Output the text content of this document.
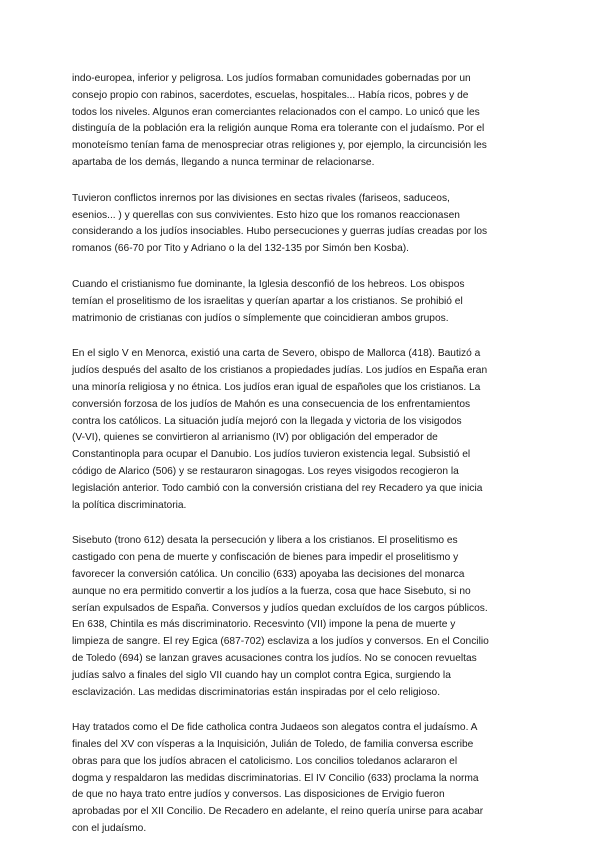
indo-europea, inferior y peligrosa. Los judíos formaban comunidades gobernadas por un
consejo propio con rabinos, sacerdotes, escuelas, hospitales... Había ricos, pobres y de
todos los niveles. Algunos eran comerciantes relacionados con el campo. Lo unicó que les
distinguía de la población era la religión aunque Roma era tolerante con el judaísmo. Por el
monoteísmo tenían fama de menospreciar otras religiones y, por ejemplo, la circuncisión les
apartaba de los demás, llegando a nunca terminar de relacionarse.

Tuvieron conflictos inrernos por las divisiones en sectas rivales (fariseos, saduceos,
esenios... ) y querellas con sus convivientes. Esto hizo que los romanos reaccionasen
considerando a los judíos insociables. Hubo persecuciones y guerras judías creadas por los
romanos (66-70 por Tito y Adriano o la del 132-135 por Simón ben Kosba).

Cuando el cristianismo fue dominante, la Iglesia desconfió de los hebreos. Los obispos
temían el proselitismo de los israelitas y querían apartar a los cristianos. Se prohibió el
matrimonio de cristianas con judíos o símplemente que coincidieran ambos grupos.

En el siglo V en Menorca, existió una carta de Severo, obispo de Mallorca (418). Bautizó a
judíos después del asalto de los cristianos a propiedades judías. Los judíos en España eran
una minoría religiosa y no étnica. Los judíos eran igual de españoles que los cristianos. La
conversión forzosa de los judíos de Mahón es una consecuencia de los enfrentamientos
contra los católicos. La situación judía mejoró con la llegada y victoria de los visigodos
(V-VI), quienes se convirtieron al arrianismo (IV) por obligación del emperador de
Constantinopla para ocupar el Danubio. Los judíos tuvieron existencia legal. Subsistió el
código de Alarico (506) y se restauraron sinagogas. Los reyes visigodos recogieron la
legislación anterior. Todo cambió con la conversión cristiana del rey Recadero ya que inicia
la política discriminatoria.

Sisebuto (trono 612) desata la persecución y libera a los cristianos. El proselitismo es
castigado con pena de muerte y confiscación de bienes para impedir el proselitismo y
favorecer la conversión católica. Un concilio (633) apoyaba las decisiones del monarca
aunque no era permitido convertir a los judíos a la fuerza, cosa que hace Sisebuto, si no
serían expulsados de España. Conversos y judíos quedan excluídos de los cargos públicos.
En 638, Chintila es más discriminatorio. Recesvinto (VII) impone la pena de muerte y
limpieza de sangre. El rey Egica (687-702) esclaviza a los judíos y conversos. En el Concilio
de Toledo (694) se lanzan graves acusaciones contra los judíos. No se conocen revueltas
judías salvo a finales del siglo VII cuando hay un complot contra Egica, surgiendo la
esclavización. Las medidas discriminatorias están inspiradas por el celo religioso.

Hay tratados como el De fide catholica contra Judaeos son alegatos contra el judaísmo. A
finales del XV con vísperas a la Inquisición, Julián de Toledo, de familia conversa escribe
obras para que los judíos abracen el catolicismo. Los concilios toledanos aclararon el
dogma y respaldaron las medidas discriminatorias. El IV Concilio (633) proclama la norma
de que no haya trato entre judíos y conversos. Las disposiciones de Ervigio fueron
aprobadas por el XII Concilio. De Recadero en adelante, el reino quería unirse para acabar
con el judaísmo.
